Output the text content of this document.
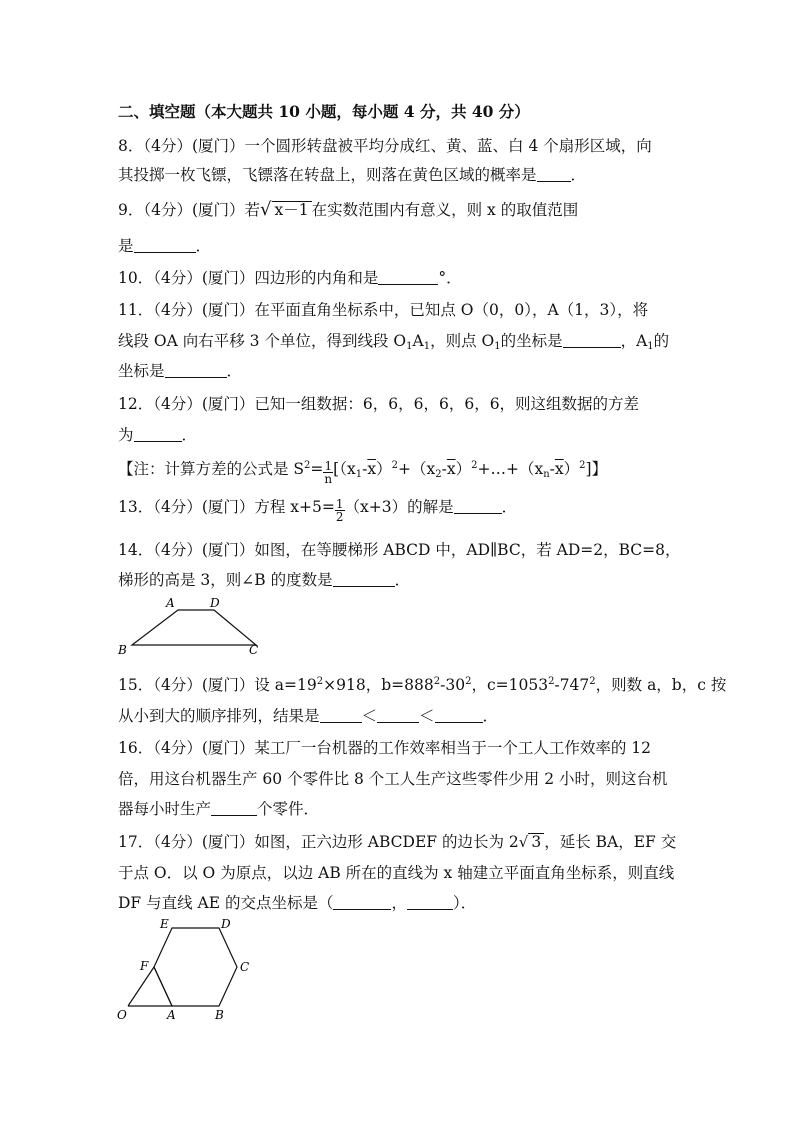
二、填空题（本大题共 10 小题，每小题 4 分，共 40 分）
8．（4分）(厦门）一个圆形转盘被平均分成红、黄、蓝、白 4 个扇形区域，向
其投掷一枚飞镖，飞镖落在转盘上，则落在黄色区域的概率是 ．
9．（4分）(厦门）若√ x－1 在实数范围内有意义，则 x 的取值范围
是	．
10．（4分）(厦门）四边形的内角和是	°．
11．（4分）(厦门）在平面直角坐标系中，已知点 O（0，0），A（1，3），将
线段 OA 向右平移 3 个单位，得到线段 $O_1A_1$，则点 $O_1$的坐标是	，$A_1$的
坐标是	．
12．（4分）(厦门）已知一组数据：6，6，6，6，6，6，则这组数据的方差
为	．
【注：计算方差的公式是 $S^2= \frac{1}{n}$ $[(x_1-\overline{x})^2+(x_2-\overline{x})^2+\dots+(x_n-\overline{x})^2]$】
13．（4分）(厦门）方程 $x+5= \frac{1}{2} (x+3)$的解是	．
14．（4分）(厦门）如图，在等腰梯形 ABCD 中，AD∥BC，若 AD=2，BC=8，
梯形的高是 3，则∠B 的度数是	．
A	D
B	C
15．（4分）(厦门）设 $a=19^2\times 918$，$b=888^2-30^2$，$c=1053^2-747^2$，则数 a，b，c 按
从小到大的顺序排列，结果是	＜	＜	．
16．（4分）(厦门）某工厂一台机器的工作效率相当于一个工人工作效率的 12
倍，用这台机器生产 60 个零件比 8 个工人生产这些零件少用 2 小时，则这台机
器每小时生产	个零件．
17．（4分）(厦门）如图，正六边形 ABCDEF 的边长为 2√ 3 ，延长 BA，EF 交
于点 O．以 O 为原点，以边 AB 所在的直线为 x 轴建立平面直角坐标系，则直线
DF 与直线 AE 的交点坐标是（	，	）．
E	D
F	C
O	A	B
